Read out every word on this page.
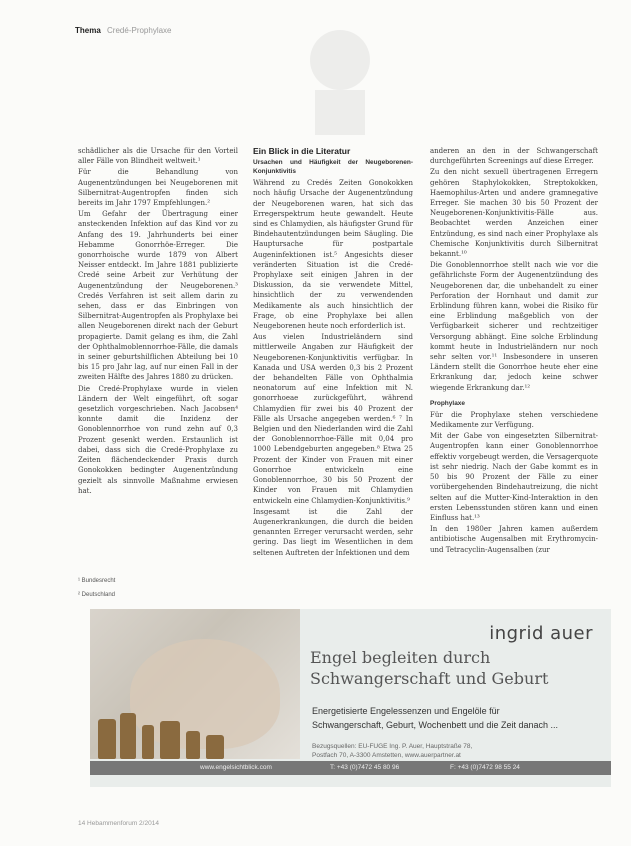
Thema Credé-Prophylaxe

schädlicher als die Ursache für den Vorteil aller Fälle von Blindheit weltweit.¹

Für die Behandlung von Augenentzündungen bei Neugeborenen mit Silbernitrat-Augentropfen finden sich bereits im Jahr 1797 Empfehlungen.²

Um Gefahr der Übertragung einer ansteckenden Infektion auf das Kind vor zu Anfang des 19. Jahrhunderts bei einer Hebamme Gonorrhöe-Erreger. Die gonorrhoische wurde 1879 von Albert Neisser entdeckt. Im Jahre 1881 publizierte Credé seine Arbeit zur Verhütung der Augenentzündung der Neugeborenen.³ Credés Verfahren ist seit allem darin zu sehen, dass er das Einbringen von Silbernitrat-Augentropfen als Prophylaxe bei allen Neugeborenen direkt nach der Geburt propagierte. Damit gelang es ihm, die Zahl der Ophthalmoblennorrhoe-Fälle, die damals in seiner geburtshilflichen Abteilung bei 10 bis 15 pro Jahr lag, auf nur einen Fall in der zweiten Hälfte des Jahres 1880 zu drücken.

Die Credé-Prophylaxe wurde in vielen Ländern der Welt eingeführt, oft sogar gesetzlich vorgeschrieben. Nach Jacobsen⁴ konnte damit die Inzidenz der Gonoblennorrhoe von rund zehn auf 0,3 Prozent gesenkt werden. Erstaunlich ist dabei, dass sich die Credé-Prophylaxe zu Zeiten flächendeckender Praxis durch Gonokokken bedingter Augenentzündung gezielt als sinnvolle Maßnahme erwiesen hat.

Ein Blick in die Literatur
Ursachen und Häufigkeit der Neugeborenen-Konjunktivitis

Während zu Credés Zeiten Gonokokken noch häufig Ursache der Augenentzündung der Neugeborenen waren, hat sich das Erregerspektrum heute gewandelt. Heute sind es Chlamydien, als häufigster Grund für Bindehautentzündungen beim Säugling. Die Hauptursache für postpartale Augeninfektionen ist.⁵ Angesichts dieser veränderten Situation ist die Credé-Prophylaxe seit einigen Jahren in der Diskussion, da sie verwendete Mittel, hinsichtlich der zu verwendenden Medikamente als auch hinsichtlich der Frage, ob eine Prophylaxe bei allen Neugeborenen heute noch erforderlich ist.

Aus vielen Industrieländern sind mittlerweile Angaben zur Häufigkeit der Neugeborenen-Konjunktivitis verfügbar. In Kanada und USA werden 0,3 bis 2 Prozent der behandelten Fälle von Ophthalmia neonatorum auf eine Infektion mit N. gonorrhoeae zurückgeführt, während Chlamydien für zwei bis 40 Prozent der Fälle als Ursache angegeben werden.⁶ ⁷ In Belgien und den Niederlanden wird die Zahl der Gonoblennorrhoe-Fälle mit 0,04 pro 1000 Lebendgeburten angegeben.⁸ Etwa 25 Prozent der Kinder von Frauen mit einer Gonorrhoe entwickeln eine Gonoblennorrhoe, 30 bis 50 Prozent der Kinder von Frauen mit Chlamydien entwickeln eine Chlamydien-Konjunktivitis.⁹

Insgesamt ist die Zahl der Augenerkrankungen, die durch die beiden genannten Erreger verursacht werden, sehr gering. Das liegt im Wesentlichen in dem seltenen Auftreten der Infektionen und dem

anderen an den in der Schwangerschaft durchgeführten Screenings auf diese Erreger.

Zu den nicht sexuell übertragenen Erregern gehören Staphylokokken, Streptokokken, Haemophilus-Arten und andere gramnegative Erreger. Sie machen 30 bis 50 Prozent der Neugeborenen-Konjunktivitis-Fälle aus. Beobachtet werden Anzeichen einer Entzündung, es sind nach einer Prophylaxe als Chemische Konjunktivitis durch Silbernitrat bekannt.¹⁰

Die Gonoblennorrhoe stellt nach wie vor die gefährlichste Form der Augenentzündung des Neugeborenen dar, die unbehandelt zu einer Perforation der Hornhaut und damit zur Erblindung führen kann, wobei die Risiko für eine Erblindung maßgeblich von der Verfügbarkeit sicherer und rechtzeitiger Versorgung abhängt. Eine solche Erblindung kommt heute in Industrieländern nur noch sehr selten vor.¹¹ Insbesondere in unseren Ländern stellt die Gonorrhoe heute eher eine Erkrankung dar, jedoch keine schwer wiegende Erkrankung dar.¹²

Prophylaxe

Für die Prophylaxe stehen verschiedene Medikamente zur Verfügung.

Mit der Gabe von eingesetzten Silbernitrat-Augentropfen kann einer Gonoblennorrhoe effektiv vorgebeugt werden, die Versagerquote ist sehr niedrig. Nach der Gabe kommt es in 50 bis 90 Prozent der Fälle zu einer vorübergehenden Bindehautreizung, die nicht selten auf die Mutter-Kind-Interaktion in den ersten Lebensstunden stören kann und einen Einfluss hat.¹³

In den 1980er Jahren kamen außerdem antibiotische Augensalben mit Erythromycin- und Tetracyclin-Augensalben (zur

¹ Bundesrecht
² Deutschland
ingrid auer
Engel begleiten durch
Schwangerschaft und Geburt
Energetisierte Engelessenzen und Engelöle für
Schwangerschaft, Geburt, Wochenbett und die Zeit danach ...
Bezugsquellen: EU-FUGE Ing. P. Auer, Hauptstraße 78,
Postfach 70, A-3300 Amstetten, www.auerpartner.at
www.engelsichtblick.com	T: +43 (0)7472 45 80 96	F: +43 (0)7472 98 55 24
14 Hebammenforum 2/2014
